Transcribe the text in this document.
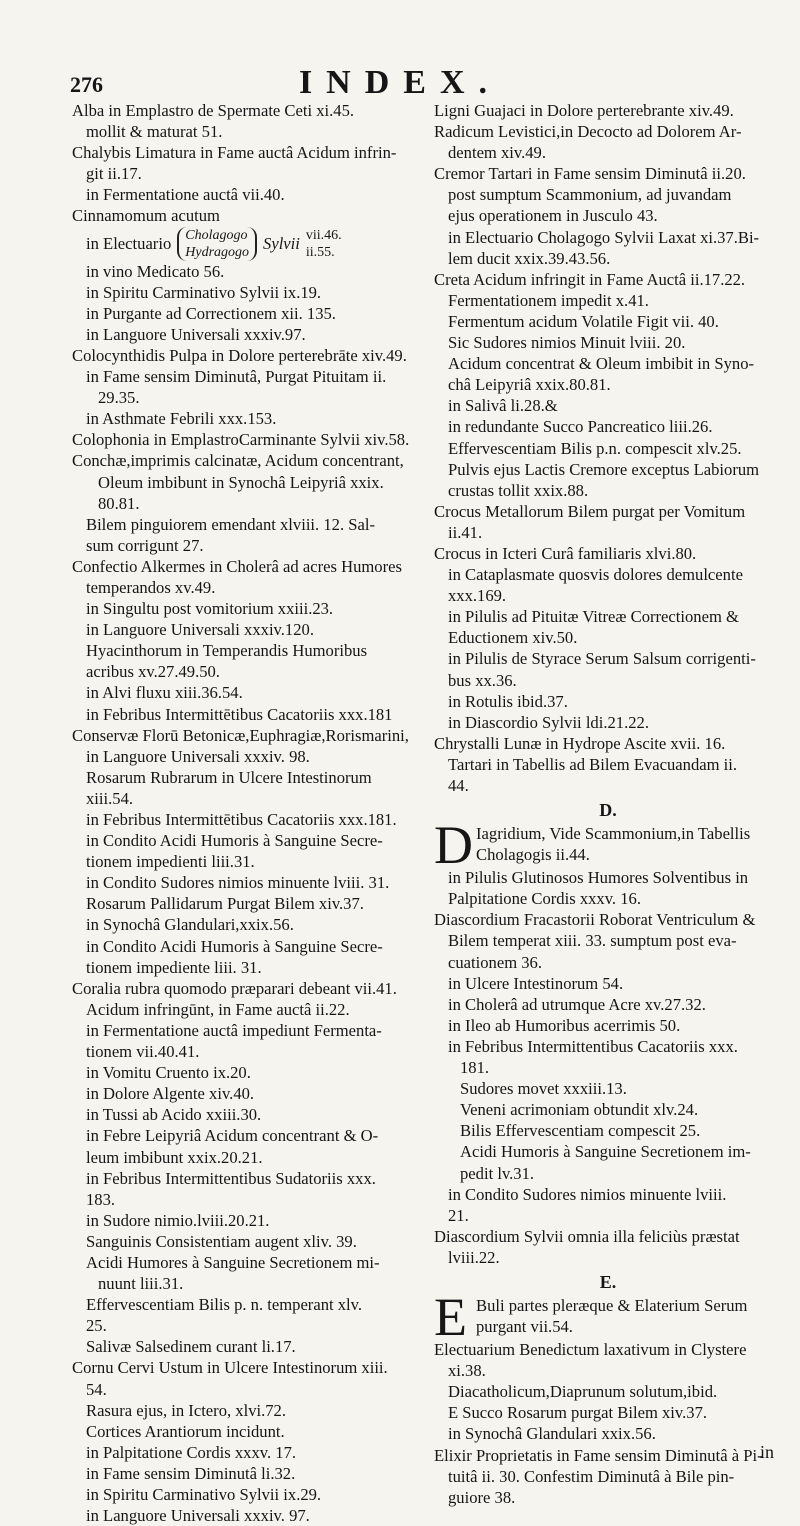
276	INDEX.
Alba in Emplastro de Spermate Ceti xi.45.
mollit & maturat 51.
Chalybis Limatura in Fame auctâ Acidum infrin-
git ii.17.
in Fermentatione auctâ vii.40.
Cinnamomum acutum
in Electuario Cholagogo
Hydragogo Sylvii vii.46.
ii.55.
in vino Medicato 56.
in Spiritu Carminativo Sylvii ix.19.
in Purgante ad Correctionem xii. 135.
in Languore Universali xxxiv.97.
Colocynthidis Pulpa in Dolore perterebrāte xiv.49.
in Fame sensim Diminutâ, Purgat Pituitam ii.
29.35.
in Asthmate Febrili xxx.153.
Colophonia in EmplastroCarminante Sylvii xiv.58.
Conchæ,imprimis calcinatæ, Acidum concentrant,
Oleum imbibunt in Synochâ Leipyriâ xxix.
80.81.
Bilem pinguiorem emendant xlviii. 12. Sal-
sum corrigunt 27.
Confectio Alkermes in Cholerâ ad acres Humores
temperandos xv.49.
in Singultu post vomitorium xxiii.23.
in Languore Universali xxxiv.120.
Hyacinthorum in Temperandis Humoribus
acribus xv.27.49.50.
in Alvi fluxu xiii.36.54.
in Febribus Intermittētibus Cacatoriis xxx.181
Conservæ Florū Betonicæ,Euphragiæ,Rorismarini,
in Languore Universali xxxiv. 98.
Rosarum Rubrarum in Ulcere Intestinorum
xiii.54.
in Febribus Intermittētibus Cacatoriis xxx.181.
in Condito Acidi Humoris à Sanguine Secre-
tionem impedienti liii.31.
in Condito Sudores nimios minuente lviii. 31.
Rosarum Pallidarum Purgat Bilem xiv.37.
in Synochâ Glandulari,xxix.56.
in Condito Acidi Humoris à Sanguine Secre-
tionem impediente liii. 31.
Coralia rubra quomodo præparari debeant vii.41.
Acidum infringūnt, in Fame auctâ ii.22.
in Fermentatione auctâ impediunt Fermenta-
tionem vii.40.41.
in Vomitu Cruento ix.20.
in Dolore Algente xiv.40.
in Tussi ab Acido xxiii.30.
in Febre Leipyriâ Acidum concentrant & O-
leum imbibunt xxix.20.21.
in Febribus Intermittentibus Sudatoriis xxx.
183.
in Sudore nimio.lviii.20.21.
Sanguinis Consistentiam augent xliv. 39.
Acidi Humores à Sanguine Secretionem mi-
nuunt liii.31.
Effervescentiam Bilis p. n. temperant xlv.
25.
Salivæ Salsedinem curant li.17.
Cornu Cervi Ustum in Ulcere Intestinorum xiii.
54.
Rasura ejus, in Ictero, xlvi.72.
Cortices Arantiorum incidunt.
in Palpitatione Cordis xxxv. 17.
in Fame sensim Diminutâ li.32.
in Spiritu Carminativo Sylvii ix.29.
in Languore Universali xxxiv. 97.
Ligni Guajaci in Dolore perterebrante xiv.49.
Radicum Levistici,in Decocto ad Dolorem Ar-
dentem xiv.49.
Cremor Tartari in Fame sensim Diminutâ ii.20.
post sumptum Scammonium, ad juvandam
ejus operationem in Jusculo 43.
in Electuario Cholagogo Sylvii Laxat xi.37.Bi-
lem ducit xxix.39.43.56.
Creta Acidum infringit in Fame Auctâ ii.17.22.
Fermentationem impedit x.41.
Fermentum acidum Volatile Figit vii. 40.
Sic Sudores nimios Minuit lviii. 20.
Acidum concentrat & Oleum imbibit in Syno-
châ Leipyriâ xxix.80.81.
in Salivâ li.28.&
in redundante Succo Pancreatico liii.26.
Effervescentiam Bilis p.n. compescit xlv.25.
Pulvis ejus Lactis Cremore exceptus Labiorum
crustas tollit xxix.88.
Crocus Metallorum Bilem purgat per Vomitum
ii.41.
Crocus in Icteri Curâ familiaris xlvi.80.
in Cataplasmate quosvis dolores demulcente
xxx.169.
in Pilulis ad Pituitæ Vitreæ Correctionem &
Eductionem xiv.50.
in Pilulis de Styrace Serum Salsum corrigenti-
bus xx.36.
in Rotulis ibid.37.
in Diascordio Sylvii ldi.21.22.
Chrystalli Lunæ in Hydrope Ascite xvii. 16.
Tartari in Tabellis ad Bilem Evacuandam ii.
44.
D.
D Iagridium, Vide Scammonium,in Tabellis
Cholagogis ii.44.
in Pilulis Glutinosos Humores Solventibus in
Palpitatione Cordis xxxv. 16.
Diascordium Fracastorii Roborat Ventriculum &
Bilem temperat xiii. 33. sumptum post eva-
cuationem 36.
in Ulcere Intestinorum 54.
in Cholerâ ad utrumque Acre xv.27.32.
in Ileo ab Humoribus acerrimis 50.
in Febribus Intermittentibus Cacatoriis xxx.
181.
Sudores movet xxxiii.13.
Veneni acrimoniam obtundit xlv.24.
Bilis Effervescentiam compescit 25.
Acidi Humoris à Sanguine Secretionem im-
pedit lv.31.
in Condito Sudores nimios minuente lviii.
21.
Diascordium Sylvii omnia illa feliciùs præstat
lviii.22.
E.
E Buli partes pleræque & Elaterium Serum
purgant vii.54.
Electuarium Benedictum laxativum in Clystere
xi.38.
Diacatholicum,Diaprunum solutum,ibid.
E Succo Rosarum purgat Bilem xiv.37.
in Synochâ Glandulari xxix.56.
Elixir Proprietatis in Fame sensim Diminutâ à Pi-
tuitâ ii. 30. Confestim Diminutâ à Bile pin-
guiore 38.
in
